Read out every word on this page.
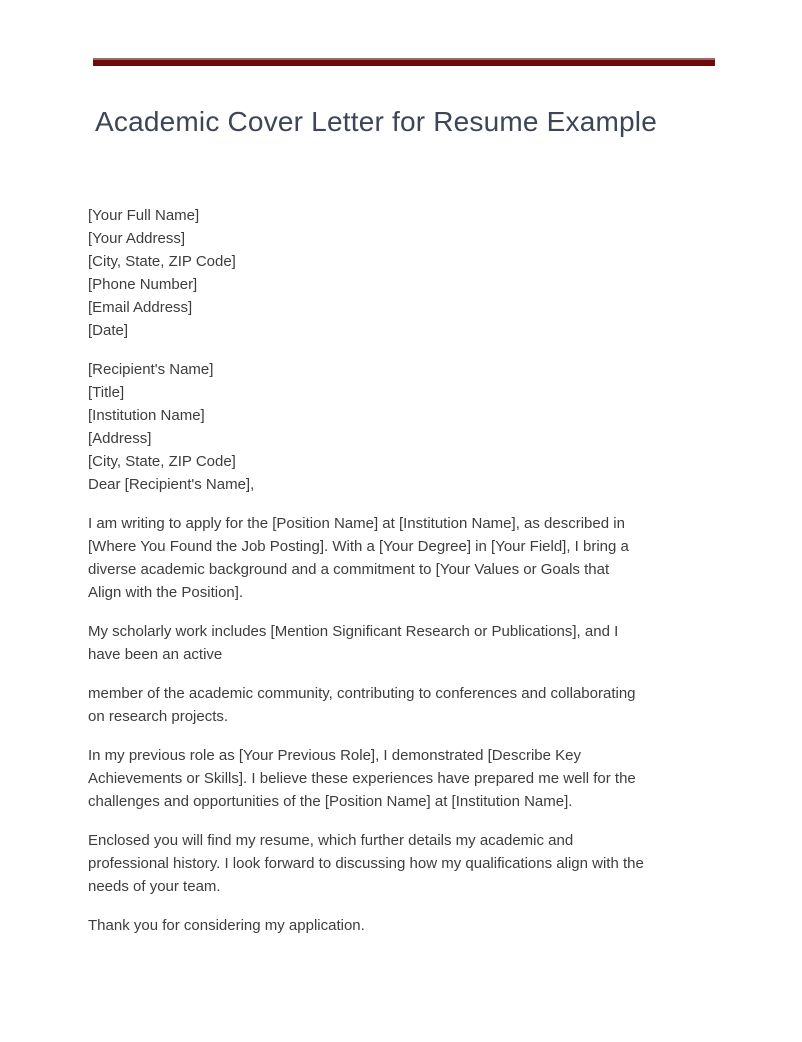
Academic Cover Letter for Resume Example

[Your Full Name]
[Your Address]
[City, State, ZIP Code]
[Phone Number]
[Email Address]
[Date]

[Recipient's Name]
[Title]
[Institution Name]
[Address]
[City, State, ZIP Code]
Dear [Recipient's Name],

I am writing to apply for the [Position Name] at [Institution Name], as described in
[Where You Found the Job Posting]. With a [Your Degree] in [Your Field], I bring a
diverse academic background and a commitment to [Your Values or Goals that
Align with the Position].

My scholarly work includes [Mention Significant Research or Publications], and I
have been an active

member of the academic community, contributing to conferences and collaborating
on research projects.

In my previous role as [Your Previous Role], I demonstrated [Describe Key
Achievements or Skills]. I believe these experiences have prepared me well for the
challenges and opportunities of the [Position Name] at [Institution Name].

Enclosed you will find my resume, which further details my academic and
professional history. I look forward to discussing how my qualifications align with the
needs of your team.

Thank you for considering my application.
